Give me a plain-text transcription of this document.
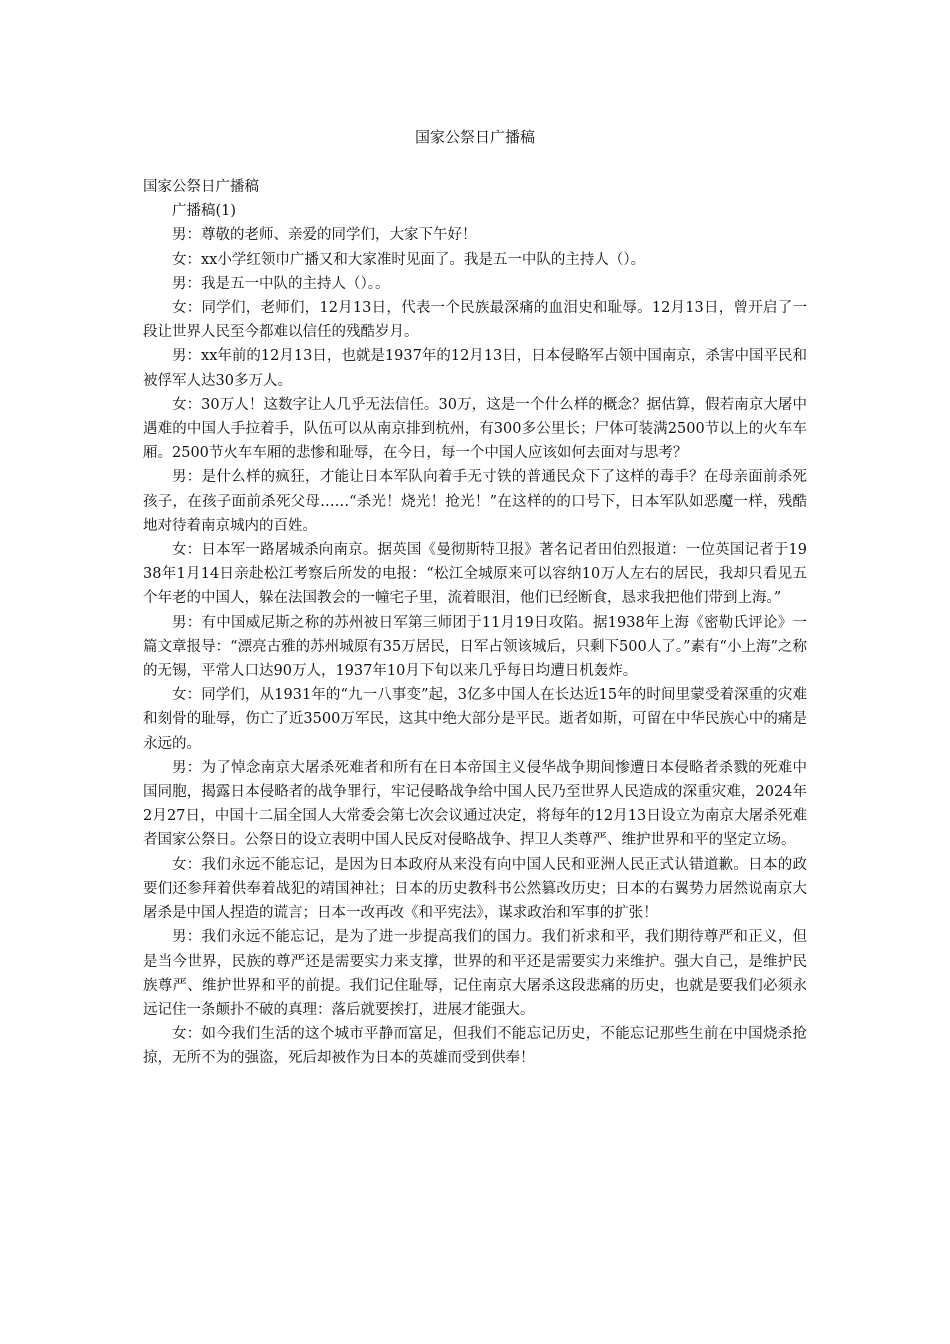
国家公祭日广播稿

国家公祭日广播稿

广播稿(1)

男：尊敬的老师、亲爱的同学们，大家下午好！

女：xx小学红领巾广播又和大家准时见面了。我是五一中队的主持人（）。

男：我是五一中队的主持人（）。。

女：同学们，老师们，12月13日，代表一个民族最深痛的血泪史和耻辱。12月13日，曾开启了一段让世界人民至今都难以信任的残酷岁月。

男：xx年前的12月13日，也就是1937年的12月13日，日本侵略军占领中国南京，杀害中国平民和被俘军人达30多万人。

女：30万人！这数字让人几乎无法信任。30万，这是一个什么样的概念？据估算，假若南京大屠中遇难的中国人手拉着手，队伍可以从南京排到杭州，有300多公里长；尸体可装满2500节以上的火车车厢。2500节火车车厢的悲惨和耻辱，在今日，每一个中国人应该如何去面对与思考？

男：是什么样的疯狂，才能让日本军队向着手无寸铁的普通民众下了这样的毒手？在母亲面前杀死孩子，在孩子面前杀死父母……“杀光！烧光！抢光！”在这样的的口号下，日本军队如恶魔一样，残酷地对待着南京城内的百姓。

女：日本军一路屠城杀向南京。据英国《曼彻斯特卫报》著名记者田伯烈报道：一位英国记者于1938年1月14日亲赴松江考察后所发的电报：“松江全城原来可以容纳10万人左右的居民，我却只看见五个年老的中国人，躲在法国教会的一幢宅子里，流着眼泪，他们已经断食，恳求我把他们带到上海。”

男：有中国威尼斯之称的苏州被日军第三师团于11月19日攻陷。据1938年上海《密勒氏评论》一篇文章报导：“漂亮古雅的苏州城原有35万居民，日军占领该城后，只剩下500人了。”素有“小上海”之称的无锡，平常人口达90万人，1937年10月下旬以来几乎每日均遭日机轰炸。

女：同学们，从1931年的“九一八事变”起，3亿多中国人在长达近15年的时间里蒙受着深重的灾难和刻骨的耻辱，伤亡了近3500万军民，这其中绝大部分是平民。逝者如斯，可留在中华民族心中的痛是永远的。

男：为了悼念南京大屠杀死难者和所有在日本帝国主义侵华战争期间惨遭日本侵略者杀戮的死难中国同胞，揭露日本侵略者的战争罪行，牢记侵略战争给中国人民乃至世界人民造成的深重灾难，2024年2月27日，中国十二届全国人大常委会第七次会议通过决定，将每年的12月13日设立为南京大屠杀死难者国家公祭日。公祭日的设立表明中国人民反对侵略战争、捍卫人类尊严、维护世界和平的坚定立场。

女：我们永远不能忘记，是因为日本政府从来没有向中国人民和亚洲人民正式认错道歉。日本的政要们还参拜着供奉着战犯的靖国神社；日本的历史教科书公然篡改历史；日本的右翼势力居然说南京大屠杀是中国人捏造的谎言；日本一改再改《和平宪法》，谋求政治和军事的扩张！

男：我们永远不能忘记，是为了进一步提高我们的国力。我们祈求和平，我们期待尊严和正义，但是当今世界，民族的尊严还是需要实力来支撑，世界的和平还是需要实力来维护。强大自己，是维护民族尊严、维护世界和平的前提。我们记住耻辱，记住南京大屠杀这段悲痛的历史，也就是要我们必须永远记住一条颠扑不破的真理：落后就要挨打，进展才能强大。

女：如今我们生活的这个城市平静而富足，但我们不能忘记历史，不能忘记那些生前在中国烧杀抢掠，无所不为的强盗，死后却被作为日本的英雄而受到供奉！
